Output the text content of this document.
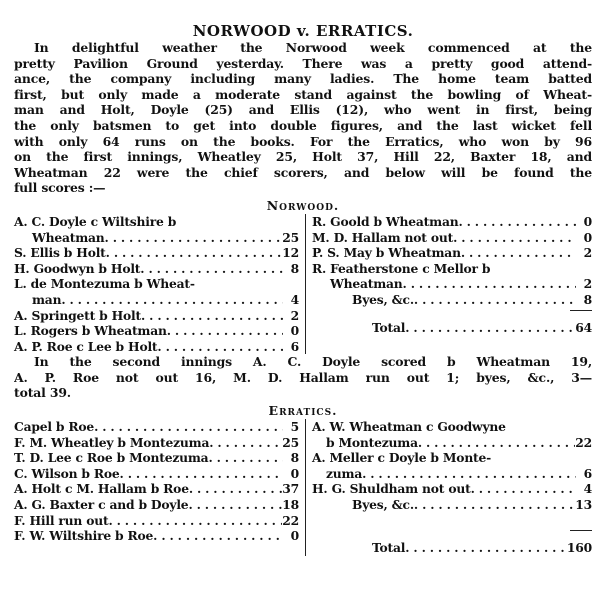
NORWOOD v. ERRATICS.
In delightful weather the Norwood week commenced at the
pretty Pavilion Ground yesterday. There was a pretty good attend-
ance, the company including many ladies. The home team batted
first, but only made a moderate stand against the bowling of Wheat-
man and Holt, Doyle (25) and Ellis (12), who went in first, being
the only batsmen to get into double figures, and the last wicket fell
with only 64 runs on the books. For the Erratics, who won by 96
on the first innings, Wheatley 25, Holt 37, Hill 22, Baxter 18, and
Wheatman 22 were the chief scorers, and below will be found the
full scores :—
Norwood.
A. C. Doyle c Wiltshire b
Wheatman . . .	25
S. Ellis b Holt . . .	12
H. Goodwyn b Holt . . .	8
L. de Montezuma b Wheat-
man . . .	4
A. Springett b Holt . . .	2
L. Rogers b Wheatman . . .	0
A. P. Roe c Lee b Holt . . .	6
R. Goold b Wheatman . . .	0
M. D. Hallam not out . . .	0
P. S. May b Wheatman . . .	2
R. Featherstone c Mellor b
Wheatman . . .	2
Byes, &c. . . .	8
Total . . .	64
In the second innings A. C. Doyle scored b Wheatman 19,
A. P. Roe not out 16, M. D. Hallam run out 1; byes, &c., 3—
total 39.
Erratics.
Capel b Roe . . .	5
F. M. Wheatley b Montezuma . . .	25
T. D. Lee c Roe b Montezuma . . .	8
C. Wilson b Roe . . .	0
A. Holt c M. Hallam b Roe . . .	37
A. G. Baxter c and b Doyle . . .	18
F. Hill run out . . .	22
F. W. Wiltshire b Roe . . .	0
A. W. Wheatman c Goodwyne
b Montezuma . . .	22
A. Meller c Doyle b Monte-
zuma . . .	6
H. G. Shuldham not out . . .	4
Byes, &c. . . .	13
Total . . .	160
